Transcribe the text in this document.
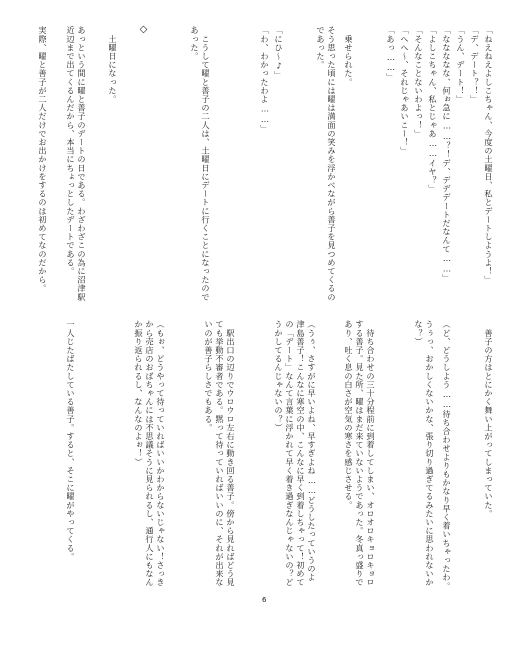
「ねえねえよしこちゃん、今度の土曜日、私とデートしようよ！」
「デ、デート？！」
「うん、デート！」
「ななななな、何ぉ急に……？！デ、デデデートだなんて……」
「よしこちゃん、私とじゃあ……イヤ？」
「そんなことないわよっ！」
「へへ〜、それじゃあいこー！」
「あっ……」
　乗せられた。
そう思った頃には曜は満面の笑みを浮かべながら善子を見つめてくるのであった。
「にひ〜♪」
「わ、わかったわよ……」
　こうして曜と善子の二人は、土曜日にデートに行くことになったのであった。
◇
　土曜日になった。
あっという間に曜と善子のデートの日である。わざわざこの為に沼津駅近辺まで出てくるんだから、本当にちょっとしたデートである。
実際、曜と善子が二人だけでお出かけをするのは初めてなのだから。
　善子の方はとにかく舞い上がってしまっていた。
（ど、どうしよう……待ち合わせよりもかなり早く着いちゃったわ。
うぅっ、おかしくないかな、張り切り過ぎてるみたいに思われないかな？）
　待ち合わせの三十分程前に到着してしまい、オロオロキョロキョロする善子。見た所、曜はまだ来ていないようであった。冬真っ盛りであり、吐く息の白さが空気の寒さを感じさせる。
（うぅ、さすがに早いよね、早すぎよね……どうしたっていうのよ津島善子！こんなに寒空の中、こんなに早く到着しちゃって！初めての「デート」なんて言葉に浮かれて早く着き過ぎなんじゃないの？どうかしてるんじゃないの？）
　駅出口の辺りでウロウロ左右に動き回る善子。傍から見ればどう見ても挙動不審者である。黙って待っていればいいのに、それが出来ないのが善子らしさでもある。
（もぉ、どうやって待っていればいいかわからないじゃない！さっきから売店のおばちゃんには不思議そうに見られるし、通行人にもなんか振り返られるし、なんなのよぉ！）
一人じたばたしている善子。すると、そこに曜がやってくる。
6
